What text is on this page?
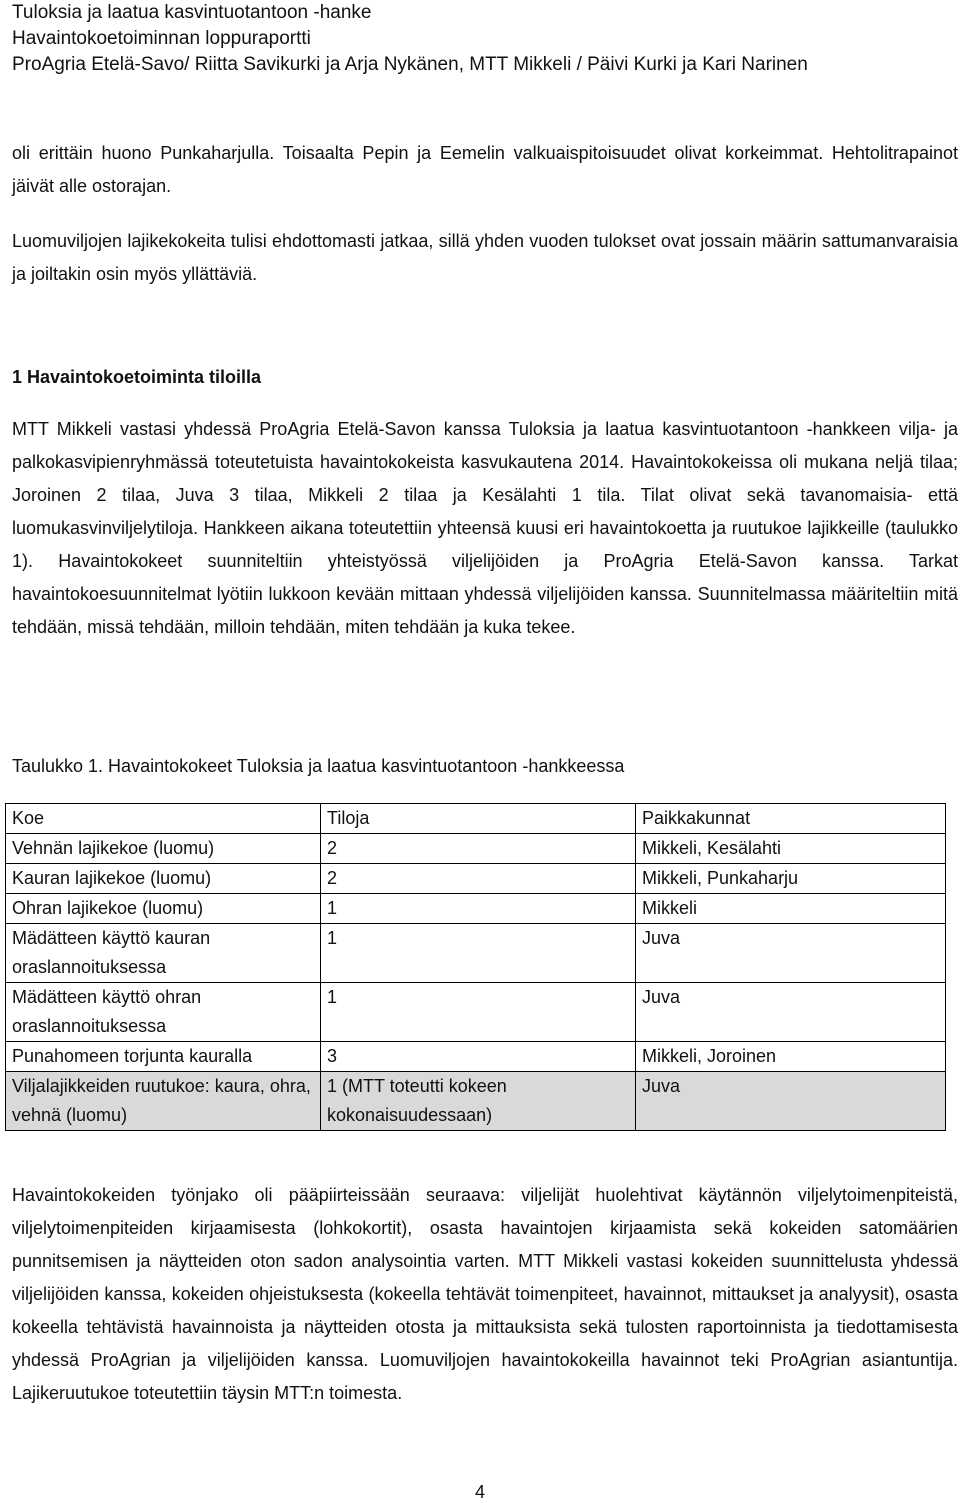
Tuloksia ja laatua kasvintuotantoon -hanke
Havaintokoetoiminnan loppuraportti
ProAgria Etelä-Savo/ Riitta Savikurki ja Arja Nykänen, MTT Mikkeli / Päivi Kurki ja Kari Narinen
oli erittäin huono Punkaharjulla. Toisaalta Pepin ja Eemelin valkuaispitoisuudet olivat korkeimmat. Hehtolitrapainot jäivät alle ostorajan.
Luomuviljojen lajikekokeita tulisi ehdottomasti jatkaa, sillä yhden vuoden tulokset ovat jossain määrin sattumanvaraisia ja joiltakin osin myös yllättäviä.
1 Havaintokoetoiminta tiloilla
MTT Mikkeli vastasi yhdessä ProAgria Etelä-Savon kanssa Tuloksia ja laatua kasvintuotantoon -hankkeen vilja- ja palkokasvipienryhmässä toteutetuista havaintokokeista kasvukautena 2014. Havaintokokeissa oli mukana neljä tilaa; Joroinen 2 tilaa, Juva 3 tilaa, Mikkeli 2 tilaa ja Kesälahti 1 tila. Tilat olivat sekä tavanomaisia- että luomukasvinviljelytiloja. Hankkeen aikana toteutettiin yhteensä kuusi eri havaintokoetta ja ruutukoe lajikkeille (taulukko 1). Havaintokokeet suunniteltiin yhteistyössä viljelijöiden ja ProAgria Etelä-Savon kanssa. Tarkat havaintokoesuunnitelmat lyötiin lukkoon kevään mittaan yhdessä viljelijöiden kanssa. Suunnitelmassa määriteltiin mitä tehdään, missä tehdään, milloin tehdään, miten tehdään ja kuka tekee.
Taulukko 1. Havaintokokeet Tuloksia ja laatua kasvintuotantoon -hankkeessa
Koe	Tiloja	Paikkakunnat
Vehnän lajikekoe (luomu)	2	Mikkeli, Kesälahti
Kauran lajikekoe (luomu)	2	Mikkeli, Punkaharju
Ohran lajikekoe (luomu)	1	Mikkeli
Mädätteen käyttö kauran oraslannoituksessa	1	Juva
Mädätteen käyttö ohran oraslannoituksessa	1	Juva
Punahomeen torjunta kauralla	3	Mikkeli, Joroinen
Viljalajikkeiden ruutukoe: kaura, ohra, vehnä (luomu)	1 (MTT toteutti kokeen kokonaisuudessaan)	Juva
Havaintokokeiden työnjako oli pääpiirteissään seuraava: viljelijät huolehtivat käytännön viljelytoimenpiteistä, viljelytoimenpiteiden kirjaamisesta (lohkokortit), osasta havaintojen kirjaamista sekä kokeiden satomäärien punnitsemisen ja näytteiden oton sadon analysointia varten. MTT Mikkeli vastasi kokeiden suunnittelusta yhdessä viljelijöiden kanssa, kokeiden ohjeistuksesta (kokeella tehtävät toimenpiteet, havainnot, mittaukset ja analyysit), osasta kokeella tehtävistä havainnoista ja näytteiden otosta ja mittauksista sekä tulosten raportoinnista ja tiedottamisesta yhdessä ProAgrian ja viljelijöiden kanssa. Luomuviljojen havaintokokeilla havainnot teki ProAgrian asiantuntija. Lajikeruutukoe toteutettiin täysin MTT:n toimesta.
4
